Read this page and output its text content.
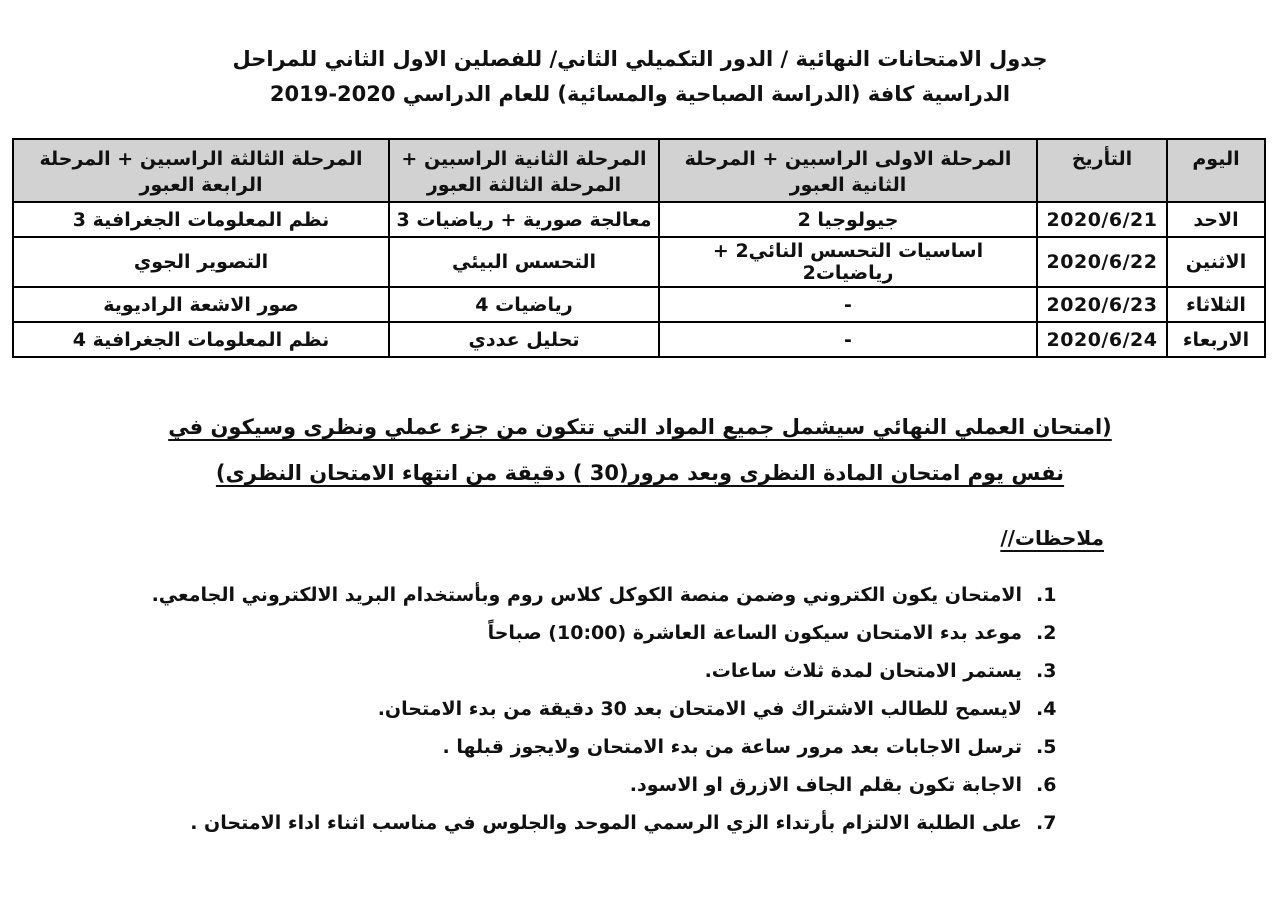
جدول الامتحانات النهائية / الدور التكميلي الثاني/ للفصلين الاول الثاني للمراحل
الدراسية كافة (الدراسة الصباحية والمسائية) للعام الدراسي 2020-2019
اليوم	التأريخ	المرحلة الاولى الراسبين + المرحلة الثانية العبور	المرحلة الثانية الراسبين + المرحلة الثالثة العبور	المرحلة الثالثة الراسبين + المرحلة الرابعة العبور
الاحد	2020/6/21	جيولوجيا 2	معالجة صورية + رياضيات 3	نظم المعلومات الجغرافية 3
الاثنين	2020/6/22	اساسيات التحسس النائي2 + رياضيات2	التحسس البيئي	التصوير الجوي
الثلاثاء	2020/6/23	-	رياضيات 4	صور الاشعة الراديوية
الاربعاء	2020/6/24	-	تحليل عددي	نظم المعلومات الجغرافية 4
(امتحان العملي النهائي سيشمل جميع المواد التي تتكون من جزء عملي ونظرى وسيكون في
نفس يوم امتحان المادة النظرى وبعد مرور(30 ) دقيقة من انتهاء الامتحان النظرى)
ملاحظات//
1.
الامتحان يكون الكتروني وضمن منصة الكوكل كلاس روم وبأستخدام البريد الالكتروني الجامعي.
2.
موعد بدء الامتحان سيكون الساعة العاشرة (10:00) صباحاً
3.
يستمر الامتحان لمدة ثلاث ساعات.
4.
لايسمح للطالب الاشتراك في الامتحان بعد 30 دقيقة من بدء الامتحان.
5.
ترسل الاجابات بعد مرور ساعة من بدء الامتحان ولايجوز قبلها .
6.
الاجابة تكون بقلم الجاف الازرق او الاسود.
7.
على الطلبة الالتزام بأرتداء الزي الرسمي الموحد والجلوس في مناسب اثناء اداء الامتحان .
